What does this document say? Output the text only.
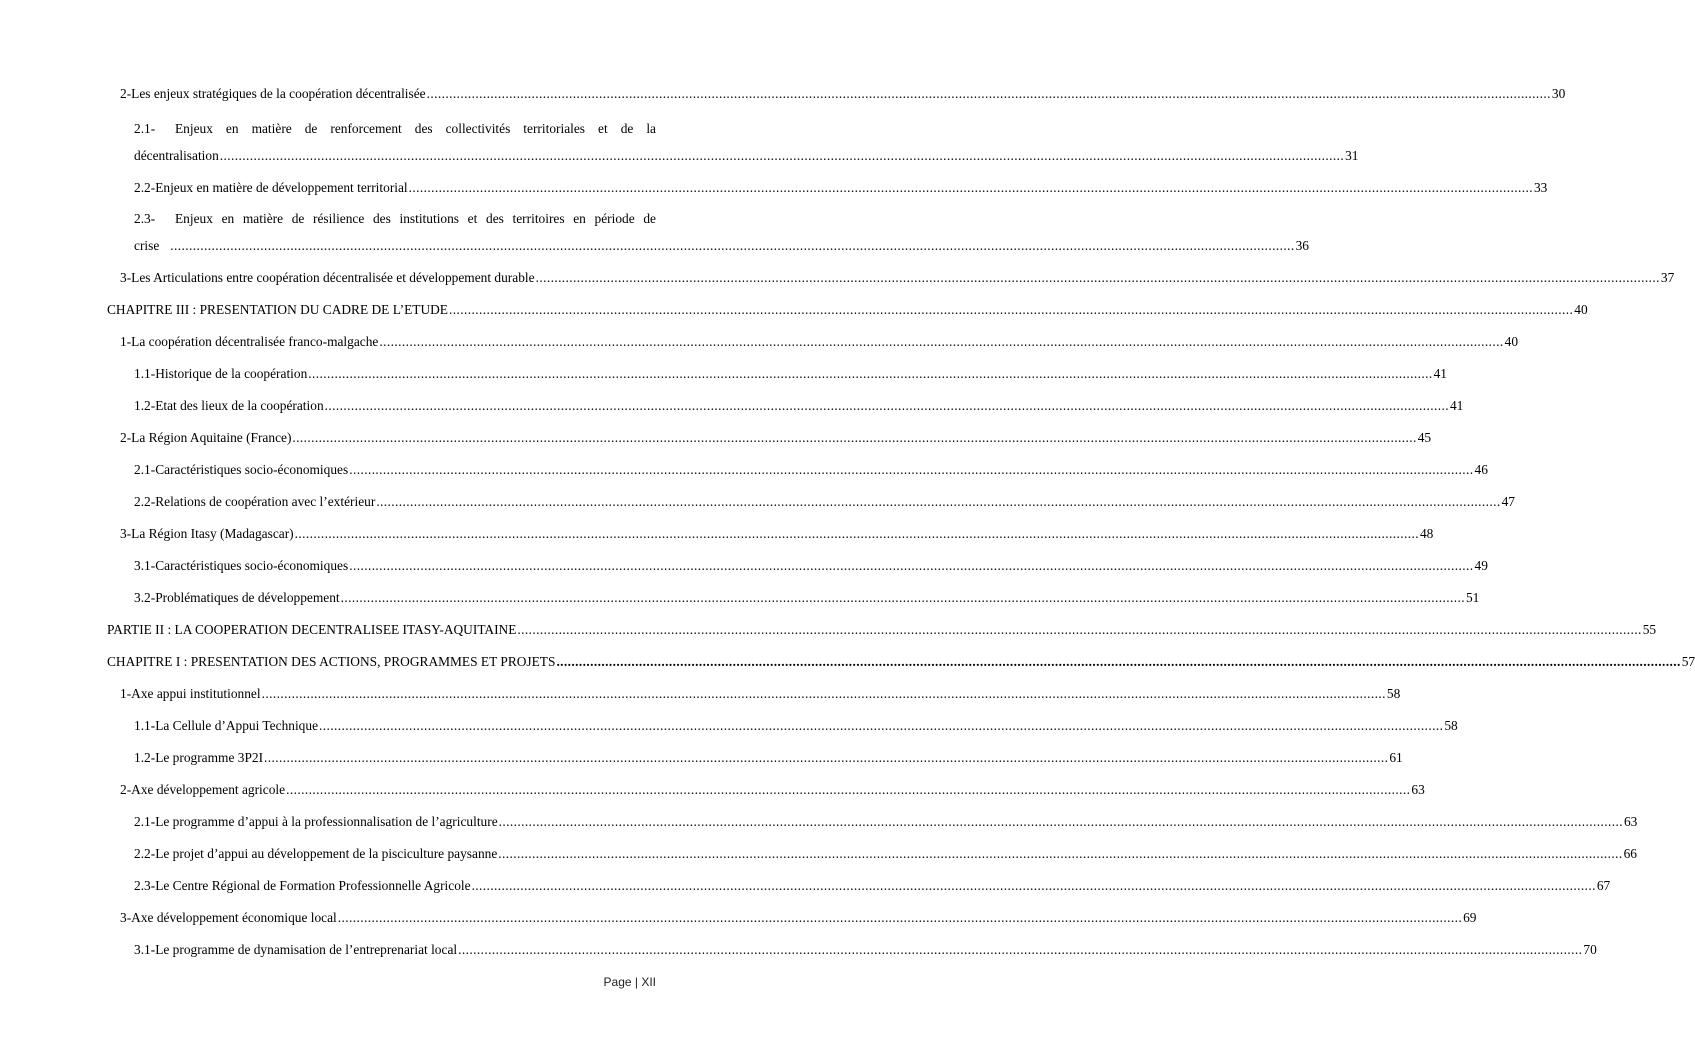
2- Les enjeux stratégiques de la coopération décentralisée .....	30
2.1-	Enjeux en matière de renforcement des collectivités territoriales et de la
décentralisation .....	31
2.2- Enjeux en matière de développement territorial .....	33
2.3-	Enjeux en matière de résilience des institutions et des territoires en période de
crise .....	36
3- Les Articulations entre coopération décentralisée et développement durable .....	37
CHAPITRE III : PRESENTATION DU CADRE DE L’ETUDE .....	40
1- La coopération décentralisée franco-malgache .....	40
1.1- Historique de la coopération .....	41
1.2- Etat des lieux de la coopération .....	41
2- La Région Aquitaine (France) .....	45
2.1- Caractéristiques socio-économiques .....	46
2.2- Relations de coopération avec l’extérieur .....	47
3- La Région Itasy (Madagascar) .....	48
3.1- Caractéristiques socio-économiques .....	49
3.2- Problématiques de développement .....	51
PARTIE II : LA COOPERATION DECENTRALISEE ITASY-AQUITAINE .....	55
CHAPITRE I : PRESENTATION DES ACTIONS, PROGRAMMES ET PROJETS .....	57
1- Axe appui institutionnel .....	58
1.1- La Cellule d’Appui Technique .....	58
1.2- Le programme 3P2I .....	61
2- Axe développement agricole .....	63
2.1- Le programme d’appui à la professionnalisation de l’agriculture .....	63
2.2- Le projet d’appui au développement de la pisciculture paysanne .....	66
2.3- Le Centre Régional de Formation Professionnelle Agricole .....	67
3- Axe développement économique local .....	69
3.1- Le programme de dynamisation de l’entreprenariat local .....	70
Page | XII
